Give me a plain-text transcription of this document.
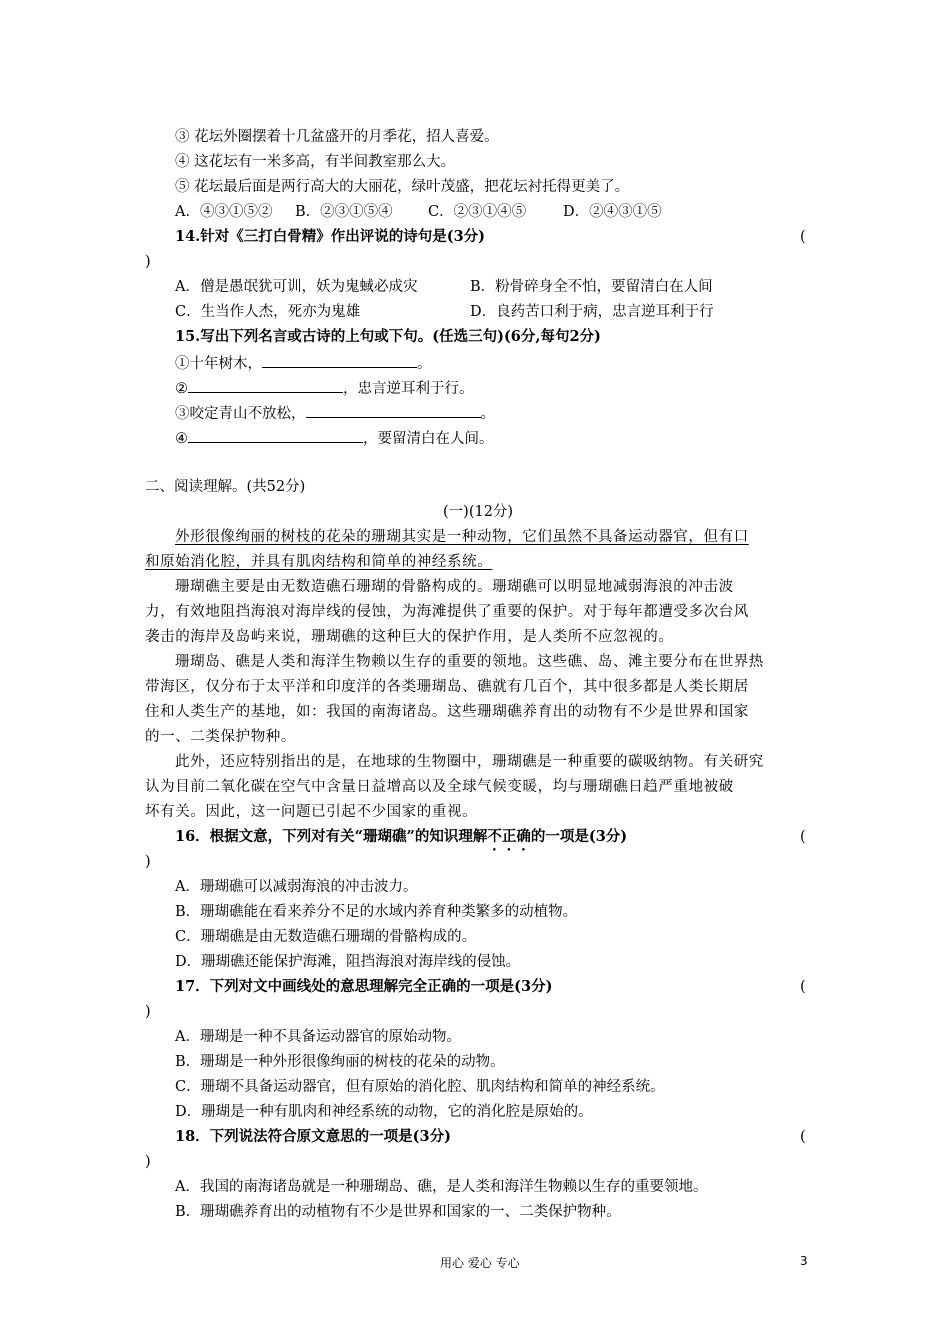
③ 花坛外圈摆着十几盆盛开的月季花，招人喜爱。
④ 这花坛有一米多高，有半间教室那么大。
⑤ 花坛最后面是两行高大的大丽花，绿叶茂盛，把花坛衬托得更美了。
A．④③①⑤② B．②③①⑤④ C．②③①④⑤	D．②④③①⑤
14.针对《三打白骨精》作出评说的诗句是(3分)	(
)
A．僧是愚氓犹可训，妖为鬼蜮必成灾	B．粉骨碎身全不怕，要留清白在人间
C．生当作人杰，死亦为鬼雄	D．良药苦口利于病，忠言逆耳利于行
15.写出下列名言或古诗的上句或下句。(任选三句)(6分,每句2分)
①十年树木，	。
②	，忠言逆耳利于行。
③咬定青山不放松，	。
④	，要留清白在人间。
二、阅读理解。(共52分)
(一)(12分)
外形很像绚丽的树枝的花朵的珊瑚其实是一种动物，它们虽然不具备运动器官，但有口
和原始消化腔，并具有肌肉结构和简单的神经系统。
珊瑚礁主要是由无数造礁石珊瑚的骨骼构成的。珊瑚礁可以明显地减弱海浪的冲击波
力，有效地阻挡海浪对海岸线的侵蚀，为海滩提供了重要的保护。对于每年都遭受多次台风
袭击的海岸及岛屿来说，珊瑚礁的这种巨大的保护作用，是人类所不应忽视的。
珊瑚岛、礁是人类和海洋生物赖以生存的重要的领地。这些礁、岛、滩主要分布在世界热
带海区，仅分布于太平洋和印度洋的各类珊瑚岛、礁就有几百个，其中很多都是人类长期居
住和人类生产的基地，如：我国的南海诸岛。这些珊瑚礁养育出的动物有不少是世界和国家
的一、二类保护物种。
此外，还应特别指出的是，在地球的生物圈中，珊瑚礁是一种重要的碳吸纳物。有关研究
认为目前二氧化碳在空气中含量日益增高以及全球气候变暖，均与珊瑚礁日趋严重地被破
坏有关。因此，这一问题已引起不少国家的重视。
16．根据文意，下列对有关“珊瑚礁”的知识理解不正确的一项是(3分)	(
)
A．珊瑚礁可以减弱海浪的冲击波力。
B．珊瑚礁能在看来养分不足的水域内养育种类繁多的动植物。
C．珊瑚礁是由无数造礁石珊瑚的骨骼构成的。
D．珊瑚礁还能保护海滩，阻挡海浪对海岸线的侵蚀。
17．下列对文中画线处的意思理解完全正确的一项是(3分)	(
)
A．珊瑚是一种不具备运动器官的原始动物。
B．珊瑚是一种外形很像绚丽的树枝的花朵的动物。
C．珊瑚不具备运动器官，但有原始的消化腔、肌肉结构和简单的神经系统。
D．珊瑚是一种有肌肉和神经系统的动物，它的消化腔是原始的。
18．下列说法符合原文意思的一项是(3分)	(
)
A．我国的南海诸岛就是一种珊瑚岛、礁，是人类和海洋生物赖以生存的重要领地。
B．珊瑚礁养育出的动植物有不少是世界和国家的一、二类保护物种。
用心 爱心 专心	3
